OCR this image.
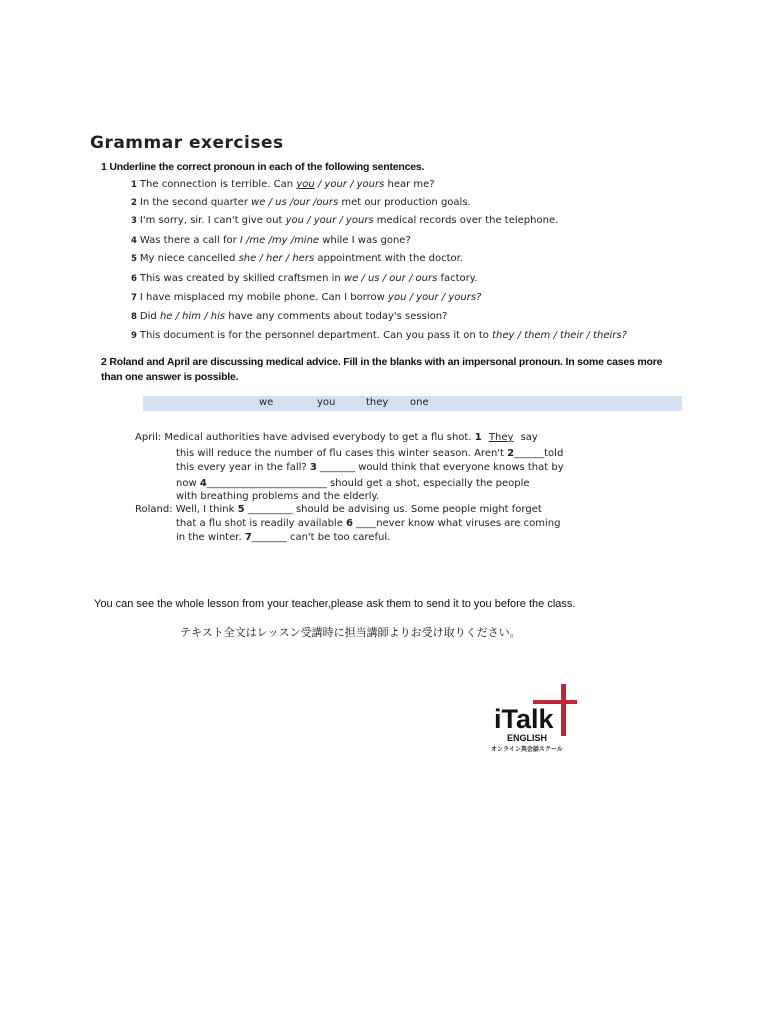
Grammar exercises
1 Underline the correct pronoun in each of the following sentences.
1 The connection is terrible. Can you / your / yours hear me?
2 In the second quarter we / us /our /ours met our production goals.
3 I'm sorry, sir. I can't give out you / your / yours medical records over the telephone.
4 Was there a call for I /me /my /mine while I was gone?
5 My niece cancelled she / her / hers appointment with the doctor.
6 This was created by skilled craftsmen in we / us / our / ours factory.
7 I have misplaced my mobile phone. Can I borrow you / your / yours?
8 Did he / him / his have any comments about today's session?
9 This document is for the personnel department. Can you pass it on to they / them / their / theirs?
2 Roland and April are discussing medical advice. Fill in the blanks with an impersonal pronoun. In some cases more
than one answer is possible.
we	you	they one
April: Medical authorities have advised everybody to get a flu shot. 1 They say
this will reduce the number of flu cases this winter season. Aren't 2______told
this every year in the fall? 3 _______ would think that everyone knows that by
now 4________________________ should get a shot, especially the people
with breathing problems and the elderly.
Roland: Well, I think 5 _________ should be advising us. Some people might forget
that a flu shot is readily available 6 ____never know what viruses are coming
in the winter. 7_______ can't be too careful.
You can see the whole lesson from your teacher,please ask them to send it to you before the class.
テキスト全文はレッスン受講時に担当講師よりお受け取りください。
iTalk
ENGLISH
オンライン英会話スクール
